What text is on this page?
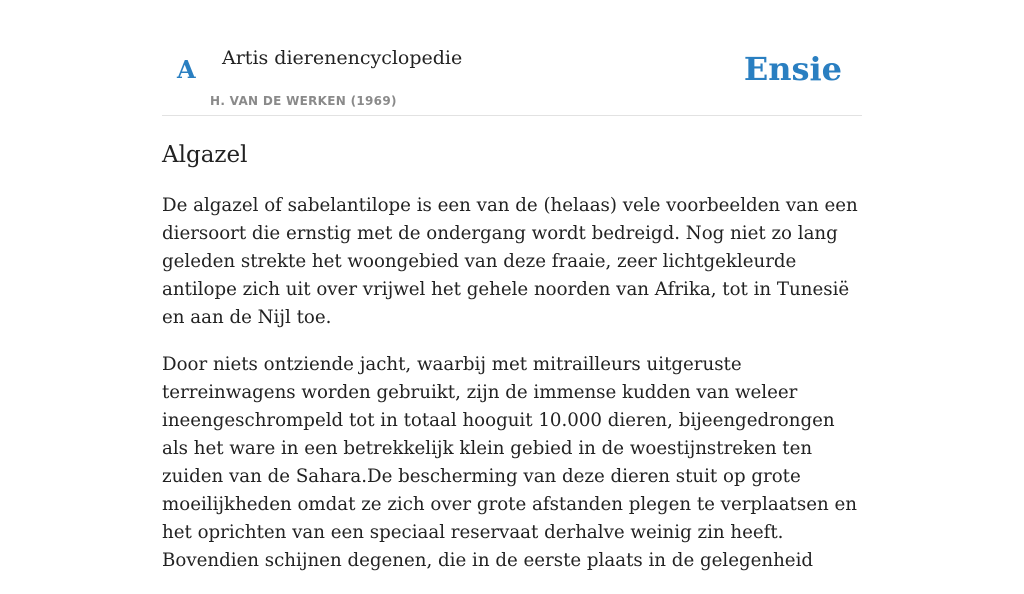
A Artis dierenencyclopedie
H. VAN DE WERKEN (1969)
Ensie
Algazel

De algazel of sabelantilope is een van de (helaas) vele voorbeelden van een diersoort die ernstig met de ondergang wordt bedreigd. Nog niet zo lang geleden strekte het woongebied van deze fraaie, zeer lichtgekleurde antilope zich uit over vrijwel het gehele noorden van Afrika, tot in Tunesië en aan de Nijl toe.

Door niets ontziende jacht, waarbij met mitrailleurs uitgeruste terreinwagens worden gebruikt, zijn de immense kudden van weleer ineengeschrompeld tot in totaal hooguit 10.000 dieren, bijeengedrongen als het ware in een betrekkelijk klein gebied in de woestijnstreken ten zuiden van de Sahara.De bescherming van deze dieren stuit op grote moeilijkheden omdat ze zich over grote afstanden plegen te verplaatsen en het oprichten van een speciaal reservaat derhalve weinig zin heeft. Bovendien schijnen degenen, die in de eerste plaats in de gelegenheid
